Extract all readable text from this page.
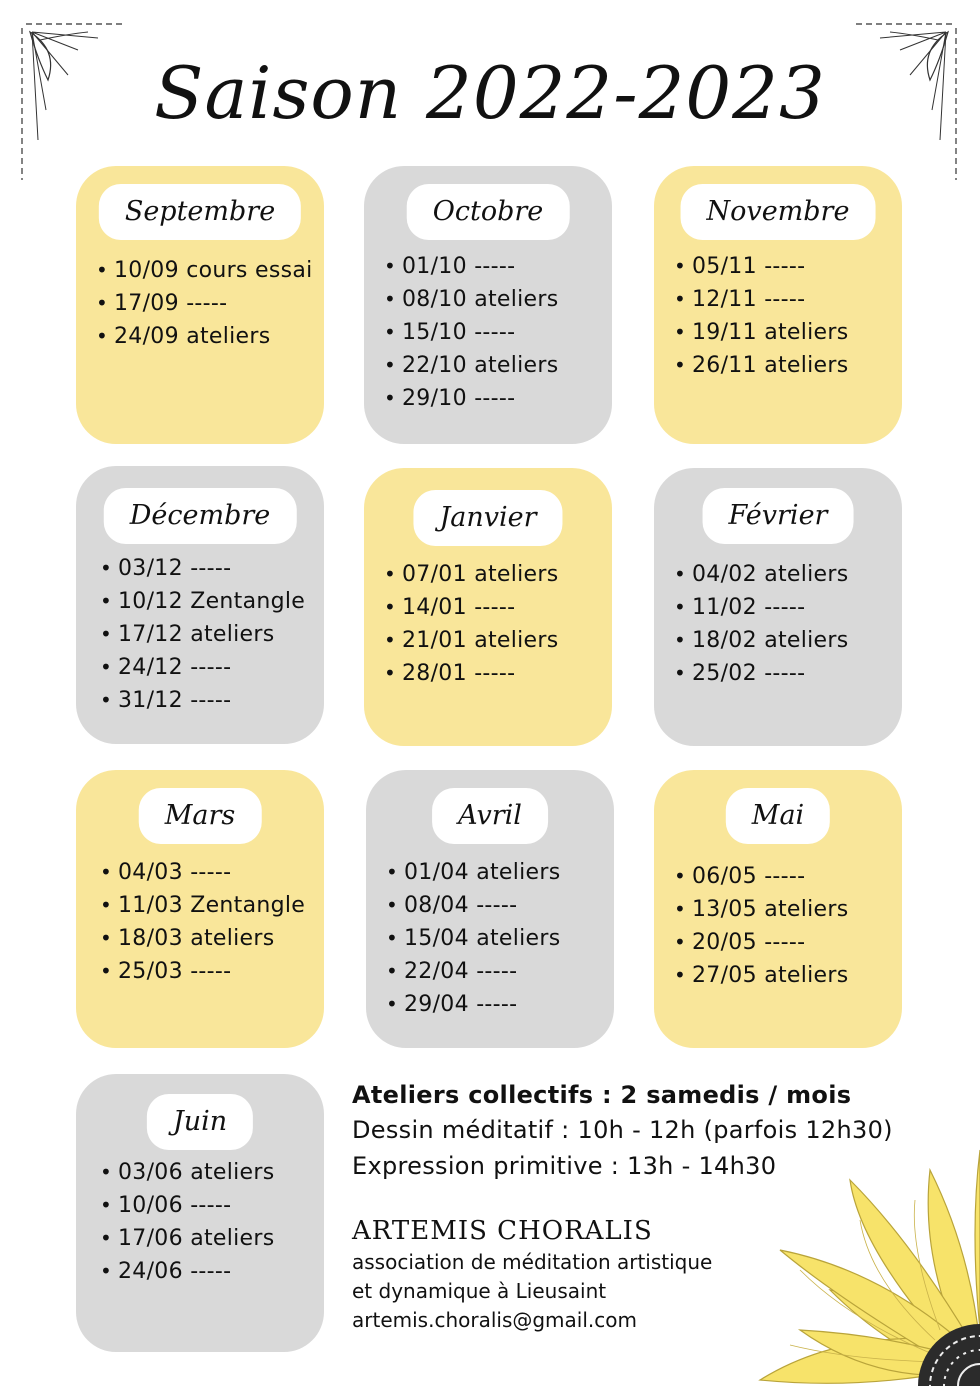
Saison 2022-2023
Septembre
• 10/09 cours essai
• 17/09 -----
• 24/09 ateliers
Octobre
• 01/10 -----
• 08/10 ateliers
• 15/10 -----
• 22/10 ateliers
• 29/10 -----
Novembre
• 05/11 -----
• 12/11 -----
• 19/11 ateliers
• 26/11 ateliers
Décembre
• 03/12 -----
• 10/12 Zentangle
• 17/12 ateliers
• 24/12 -----
• 31/12 -----
Janvier
• 07/01 ateliers
• 14/01 -----
• 21/01 ateliers
• 28/01 -----
Février
• 04/02 ateliers
• 11/02 -----
• 18/02 ateliers
• 25/02 -----
Mars
• 04/03 -----
• 11/03 Zentangle
• 18/03 ateliers
• 25/03 -----
Avril
• 01/04 ateliers
• 08/04 -----
• 15/04 ateliers
• 22/04 -----
• 29/04 -----
Mai
• 06/05 -----
• 13/05 ateliers
• 20/05 -----
• 27/05 ateliers
Juin
• 03/06 ateliers
• 10/06 -----
• 17/06 ateliers
• 24/06 -----
Ateliers collectifs : 2 samedis / mois
Dessin méditatif : 10h - 12h (parfois 12h30)
Expression primitive : 13h - 14h30
ARTEMIS CHORALIS
association de méditation artistique
et dynamique à Lieusaint
artemis.choralis@gmail.com
